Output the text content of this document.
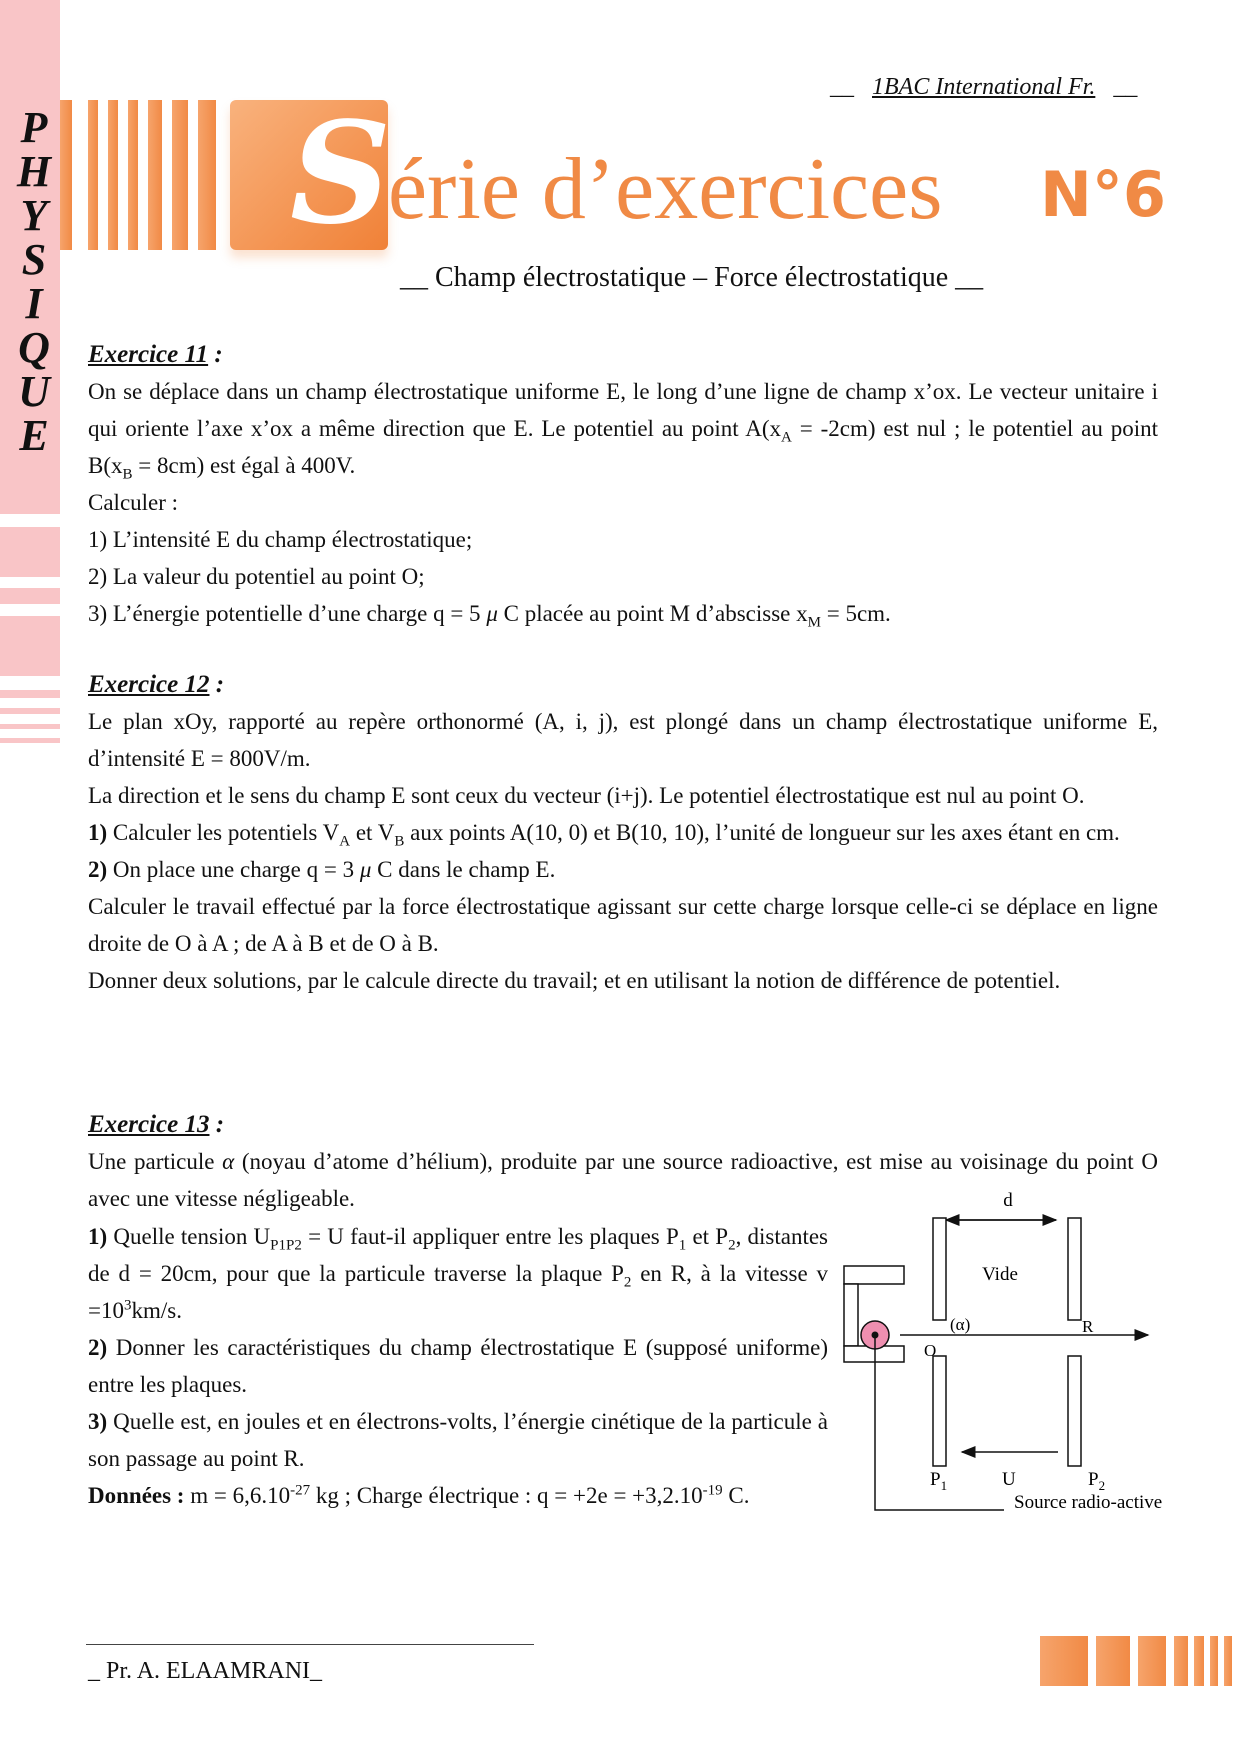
P
H
Y
S
I
Q
U
E
__ 1BAC International Fr. __
S
érie d’exercices N°6
__ Champ électrostatique – Force électrostatique __
Exercice 11 :

On se déplace dans un champ électrostatique uniforme E, le long d’une ligne de champ x’ox. Le vecteur unitaire i qui oriente l’axe x’ox a même direction que E. Le potentiel au point $A(x_A = -2cm)$ est nul ; le potentiel au point $B(x_B = 8cm)$ est égal à 400V.

Calculer :

1) L’intensité E du champ électrostatique;

2) La valeur du potentiel au point O;

3) L’énergie potentielle d’une charge q = 5 μ C placée au point M d’abscisse $x_M = 5cm$.

Exercice 12 :

Le plan xOy, rapporté au repère orthonormé (A, i, j), est plongé dans un champ électrostatique uniforme E, d’intensité E = 800V/m.

La direction et le sens du champ E sont ceux du vecteur (i+j). Le potentiel électrostatique est nul au point O.

1) Calculer les potentiels $V_A$ et $V_B$ aux points A(10, 0) et B(10, 10), l’unité de longueur sur les axes étant en cm.

2) On place une charge q = 3 μ C dans le champ E.

Calculer le travail effectué par la force électrostatique agissant sur cette charge lorsque celle-ci se déplace en ligne droite de O à A ; de A à B et de O à B.

Donner deux solutions, par le calcule directe du travail; et en utilisant la notion de différence de potentiel.

Exercice 13 :

Une particule α (noyau d’atome d’hélium), produite par une source radioactive, est mise au voisinage du point O avec une vitesse négligeable.

1) Quelle tension $U_{P1P2} = U$ faut-il appliquer entre les plaques $P_1$ et $P_2$, distantes de d = 20cm, pour que la particule traverse la plaque $P_2$ en R, à la vitesse $v =10^3km/s$.

2) Donner les caractéristiques du champ électrostatique E (supposé uniforme) entre les plaques.

3) Quelle est, en joules et en électrons-volts, l’énergie cinétique de la particule à son passage au point R.

Données : $m = 6,6.10^{-27}$ kg ; Charge électrique : $q = +2e = +3,2.10^{-19}$ C.

d
Vide
(α)	R
O
$P_1$	U	$P_2$
Source radio-active
_ Pr. A. ELAAMRANI_
